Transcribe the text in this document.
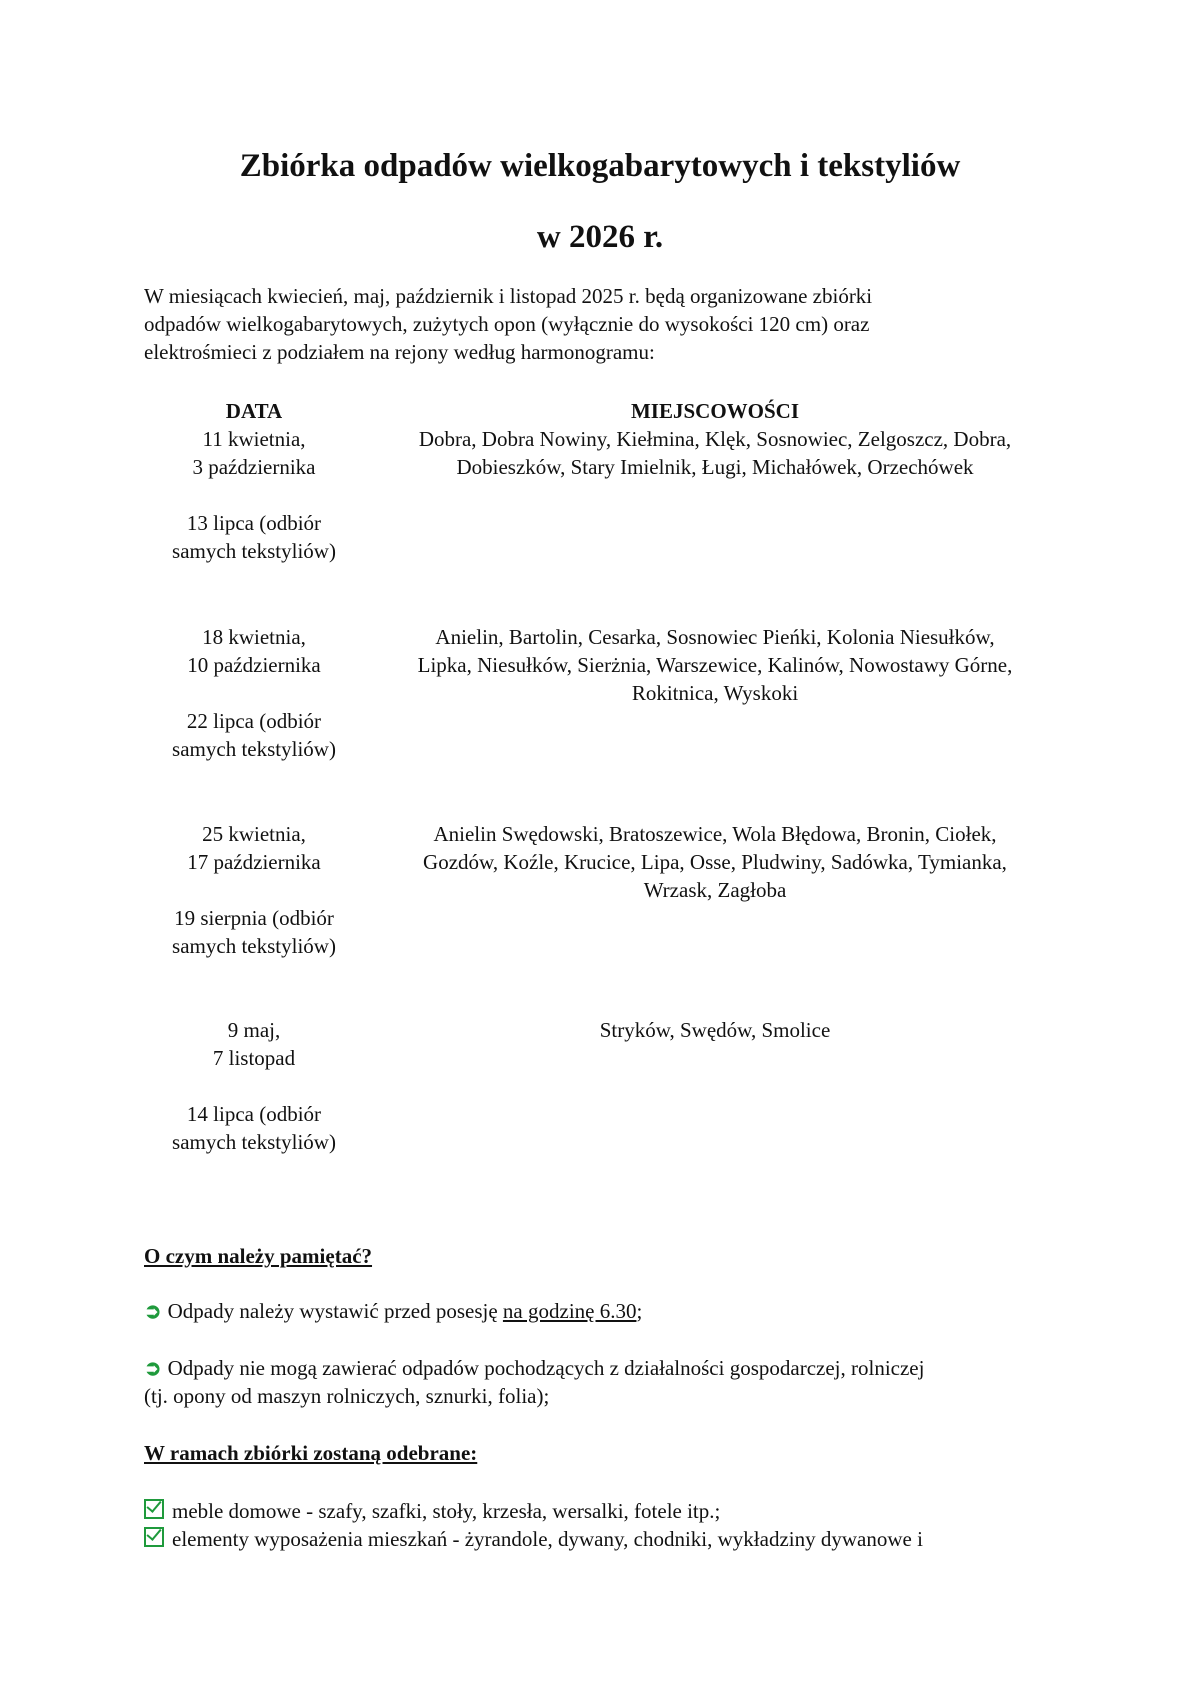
Zbiórka odpadów wielkogabarytowych i tekstyliów
w 2026 r.
W miesiącach kwiecień, maj, październik i listopad 2025 r. będą organizowane zbiórki
odpadów wielkogabarytowych, zużytych opon (wyłącznie do wysokości 120 cm) oraz
elektrośmieci z podziałem na rejony według harmonogramu:
DATA	MIEJSCOWOŚCI
11 kwietnia,
3 października
13 lipca (odbiór
samych tekstyliów)
Dobra, Dobra Nowiny, Kiełmina, Klęk, Sosnowiec, Zelgoszcz, Dobra,
Dobieszków, Stary Imielnik, Ługi, Michałówek, Orzechówek
18 kwietnia,
10 października
22 lipca (odbiór
samych tekstyliów)
Anielin, Bartolin, Cesarka, Sosnowiec Pieńki, Kolonia Niesułków,
Lipka, Niesułków, Sierżnia, Warszewice, Kalinów, Nowostawy Górne,
Rokitnica, Wyskoki
25 kwietnia,
17 października
19 sierpnia (odbiór
samych tekstyliów)
Anielin Swędowski, Bratoszewice, Wola Błędowa, Bronin, Ciołek,
Gozdów, Koźle, Krucice, Lipa, Osse, Pludwiny, Sadówka, Tymianka,
Wrzask, Zagłoba
9 maj,
7 listopad
14 lipca (odbiór
samych tekstyliów)
Stryków, Swędów, Smolice
O czym należy pamiętać?
➲ Odpady należy wystawić przed posesję na godzinę 6.30;
➲ Odpady nie mogą zawierać odpadów pochodzących z działalności gospodarczej, rolniczej
(tj. opony od maszyn rolniczych, sznurki, folia);
W ramach zbiórki zostaną odebrane:
meble domowe - szafy, szafki, stoły, krzesła, wersalki, fotele itp.;
elementy wyposażenia mieszkań - żyrandole, dywany, chodniki, wykładziny dywanowe i
